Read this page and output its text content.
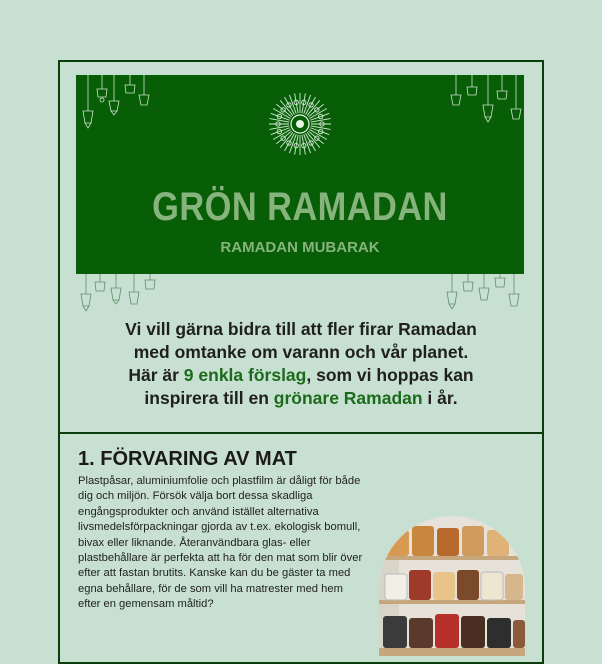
GRÖN RAMADAN
RAMADAN MUBARAK
Vi vill gärna bidra till att fler firar Ramadan
med omtanke om varann och vår planet.
Här är 9 enkla förslag, som vi hoppas kan
inspirera till en grönare Ramadan i år.
1. FÖRVARING AV MAT
Plastpåsar, aluminiumfolie och plastfilm är dåligt för både dig och miljön. Försök välja bort dessa skadliga engångsprodukter och använd istället alternativa livsmedelsförpackningar gjorda av t.ex. ekologisk bomull, bivax eller liknande. Återanvändbara glas- eller plastbehållare är perfekta att ha för den mat som blir över efter att fastan brutits. Kanske kan du be gäster ta med egna behållare, för de som vill ha matrester med hem efter en gemensam måltid?
